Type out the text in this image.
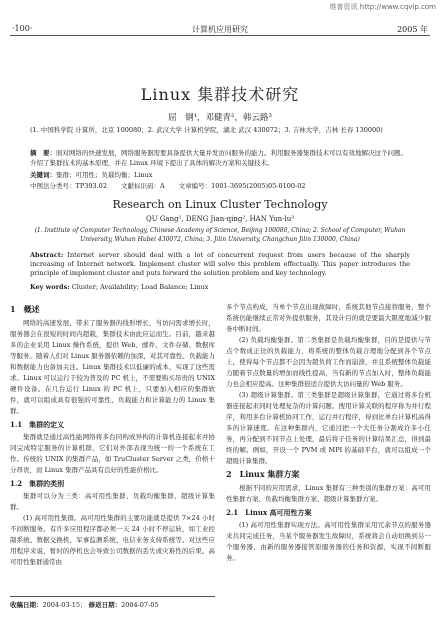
维普资讯 http://www.cqvip.com
·100·	计算机应用研究	2005 年
Linux 集群技术研究
屈　钢¹，邓健青²，韩云路³
(1. 中国科学院 计算所，北京 100080；2. 武汉大学 计算机学院，湖北 武汉 430072；3. 吉林大学，吉林 长春 130000)
摘　要：面对网络的快速发展，网络服务器需要具备提供大量并发访问服务的能力。利用服务器集群技术可以有效地解决这个问题。介绍了集群技术的基本原理，并在 Linux 环境下提出了具体的解决方案和关键技术。
关键词：集群；可用性；负载均衡；Linux
中图法分类号：TP393.02 文献标识码：A 文章编号：1001-3695(2005)05-0100-02
Research on Linux Cluster Technology
QU Gang¹, DENG Jian-qing², HAN Yun-lu³
(1. Institute of Computer Technology, Chinese Academy of Science, Beijing 100080, China; 2. School of Computer, Wuhan University, Wuhan Hubei 430072, China; 3. Jilin University, Changchun Jilin 130000, China)
Abstract: Internet server should deal with a lot of concurrent request from users because of the sharply increasing of Internet network. Implement cluster will solve this problem effectually. This paper introduces the principle of implement cluster and puts forward the solution problem and key technology.
Key words: Cluster; Availability; Load Balance; Linux
1　概述
网络的高速发展，带来了服务器的线形增长，当访问需求增长时，服务器会在很短的时间内超载，集群技术由此应运而生。目前，越来越多的企业采用 Linux 操作系统，提供 Web、邮件、文件存储、数据库等服务。随着人们对 Linux 服务器依赖的加深，对其可靠性、负载能力和数据能力也备加关注。Linux 集群技术以低廉的成本，实现了这些需求。Linux 可以运行于较为普及的 PC 机上，不需要购买昂贵的 UNIX 硬件设备。在几台运行 Linux 的 PC 机上，只要加入相应的集群软件，就可以组成具有很强的可靠性、负载能力和计算能力的 Linux 集群。
1.1　集群的定义
集群就是通过高性能网络将多台同构或异构的计算机连接起来并协同完成特定服务的计算机群，它们对外部表现为统一的一个系统在工作。传统的 UNIX 的集群产品，如 TruCluster Server 之类，价格十分昂贵，而 Linux 集群产品具有良好的性能价格比。
1.2　集群的类别
集群可以分为三类：高可用性集群、负载均衡集群、超级计算集群。
(1) 高可用性集群。高可用性集群的主要功能就是提供 7×24 小时不间断服务。有许多应用程序都必须一天 24 小时不停运转，如工业控制系统、数据交换机、军事监测系统、电信业务支持系统等。对这些应用程序来说，暂时的停机也会导致公司数据的丢失或灾难性的后果。高可用性集群通常由
多个节点构成，当单个节点出现故障时，系统其他节点接替服务，整个系统仍能继续正常对外提供服务，其设计目的就是要最大限度地减少服务中断时间。
(2) 负载均衡集群。第二类集群是负载均衡集群，目的是提供与节点个数成正比的负载能力，将系统的整体负载合理地分配到各个节点上，使得每个节点都不会因为超负荷工作而崩溃，并且系统整体负载能力随着节点数量的增加而线性提高，当有新的节点加入时，整体负载能力也会相应提高。这种集群很适合提供大访问量的 Web 服务。
(3) 超级计算集群。第三类集群是超级计算集群，它通过将多台机器连接起来同时处理复杂的计算问题。搜用计算关联的程序称为并行程序，利用多台计算机协同工作，运行并行程序，得到比单台计算机高得多的计算速度。在这种集群内，它通过把一个大任务分割成许多小任务，再分配到不同节点上处理，最后将子任务的计算结果汇总，得到最终的解。例如，开设一个 PVM 或 MPI 的基础平台，就可以组成一个超级计算集群。
2　Linux 集群方案
根据不同的应用需求，Linux 集群有三种类别的集群方案：高可用性集群方案、负载均衡集群方案、超级计算集群方案。
2.1　Linux 高可用性方案
(1) 高可用性集群实现方法。高可用性集群采用冗余节点的服务器来共同完成任务，当某个服务器发生故障时，系统将会自动切换到另一个服务器，由新的服务器接管原服务器的任务和资源，实现不间断服务。
收稿日期：2004-03-15； 修返日期：2004-07-05
